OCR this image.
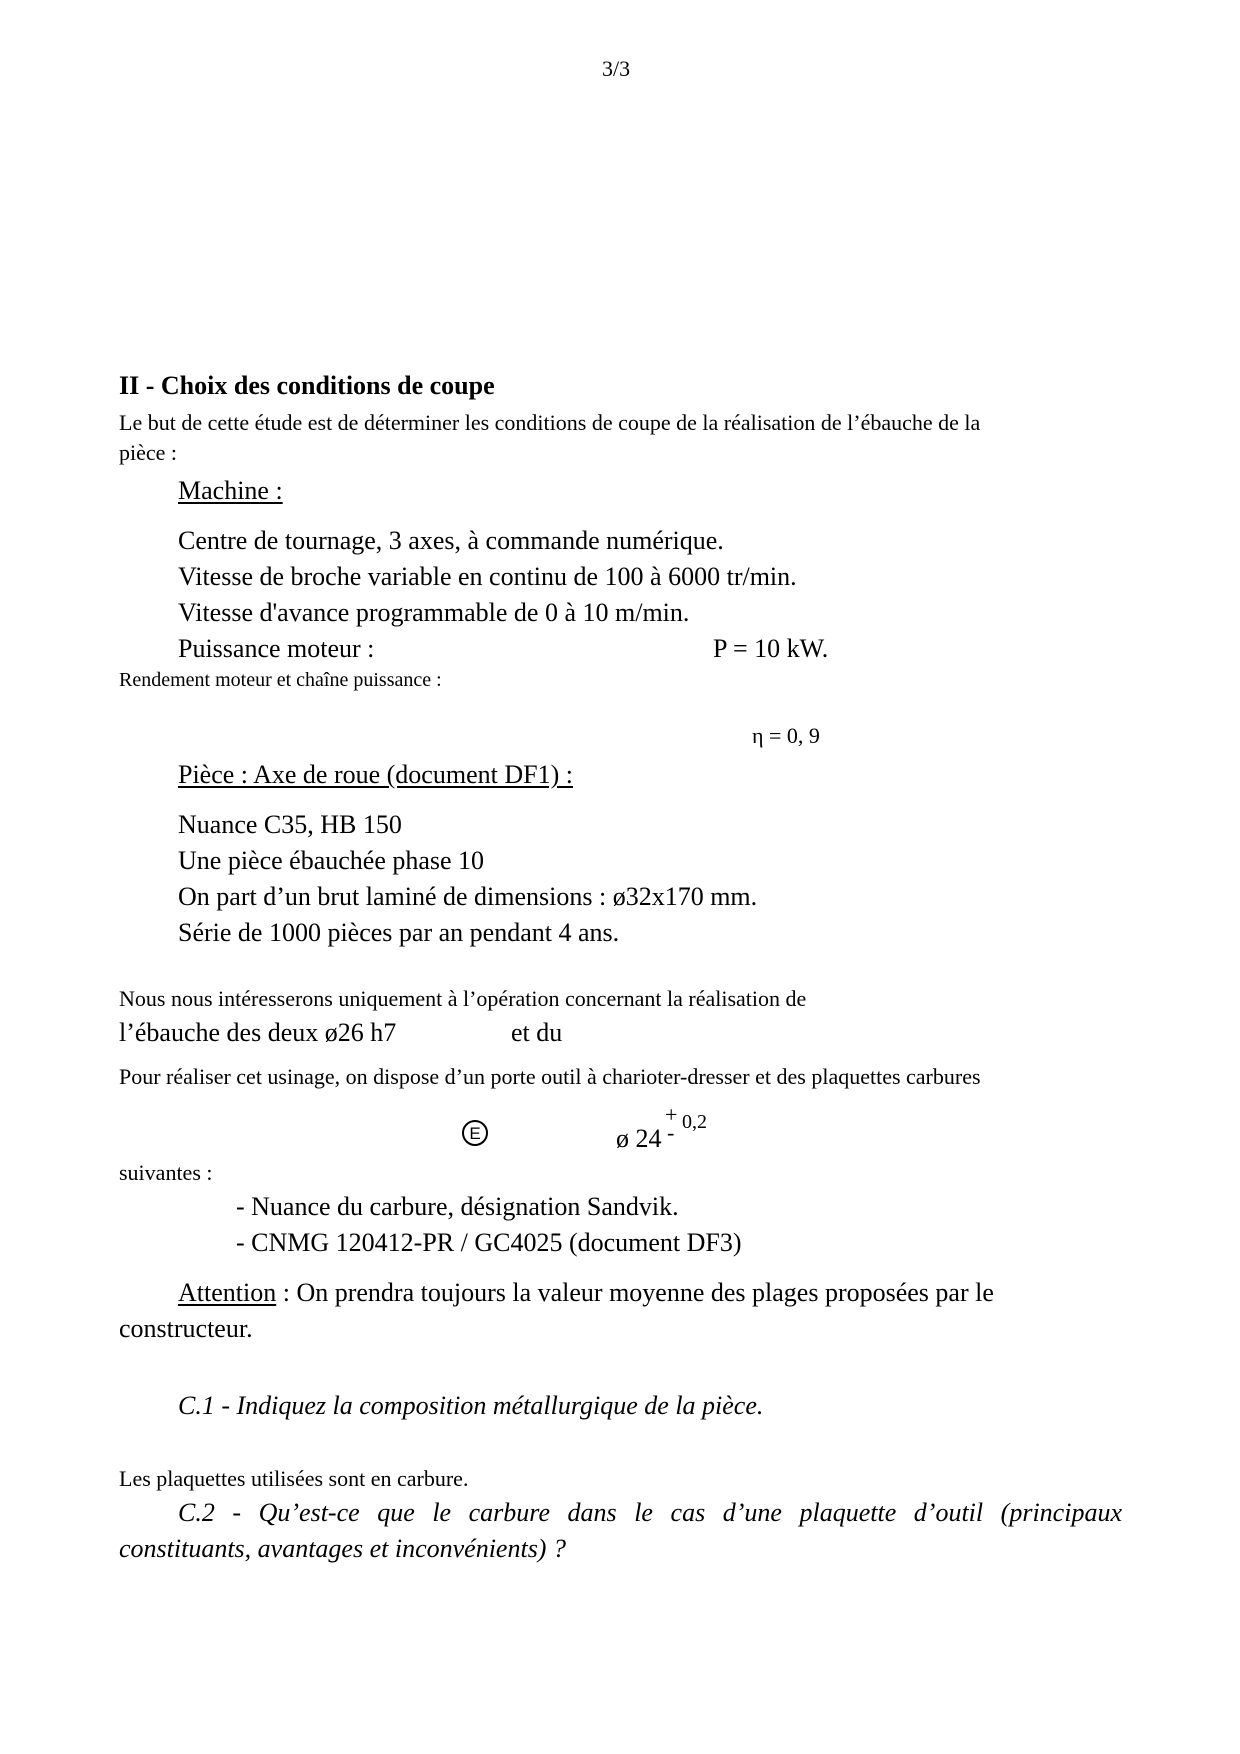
3/3
II - Choix des conditions de coupe
Le but de cette étude est de déterminer les conditions de coupe de la réalisation de l’ébauche de la
pièce :
Machine :
Centre de tournage, 3 axes, à commande numérique.
Vitesse de broche variable en continu de 100 à 6000 tr/min.
Vitesse d'avance programmable de 0 à 10 m/min.
Puissance moteur :	P = 10 kW.
Rendement moteur et chaîne puissance :
η = 0, 9
Pièce : Axe de roue (document DF1) :
Nuance C35, HB 150
Une pièce ébauchée phase 10
On part d’un brut laminé de dimensions : ø32x170 mm.
Série de 1000 pièces par an pendant 4 ans.
Nous nous intéresserons uniquement à l’opération concernant la réalisation de
l’ébauche des deux ø26 h7	et du
Pour réaliser cet usinage, on dispose d’un porte outil à charioter-dresser et des plaquettes carbures
E	ø 24
+ 0,2
-
suivantes :
- Nuance du carbure, désignation Sandvik.
- CNMG 120412-PR / GC4025 (document DF3)
Attention : On prendra toujours la valeur moyenne des plages proposées par le
constructeur.
C.1 - Indiquez la composition métallurgique de la pièce.
Les plaquettes utilisées sont en carbure.
C.2 - Qu’est-ce que le carbure dans le cas d’une plaquette d’outil (principaux
constituants, avantages et inconvénients) ?
